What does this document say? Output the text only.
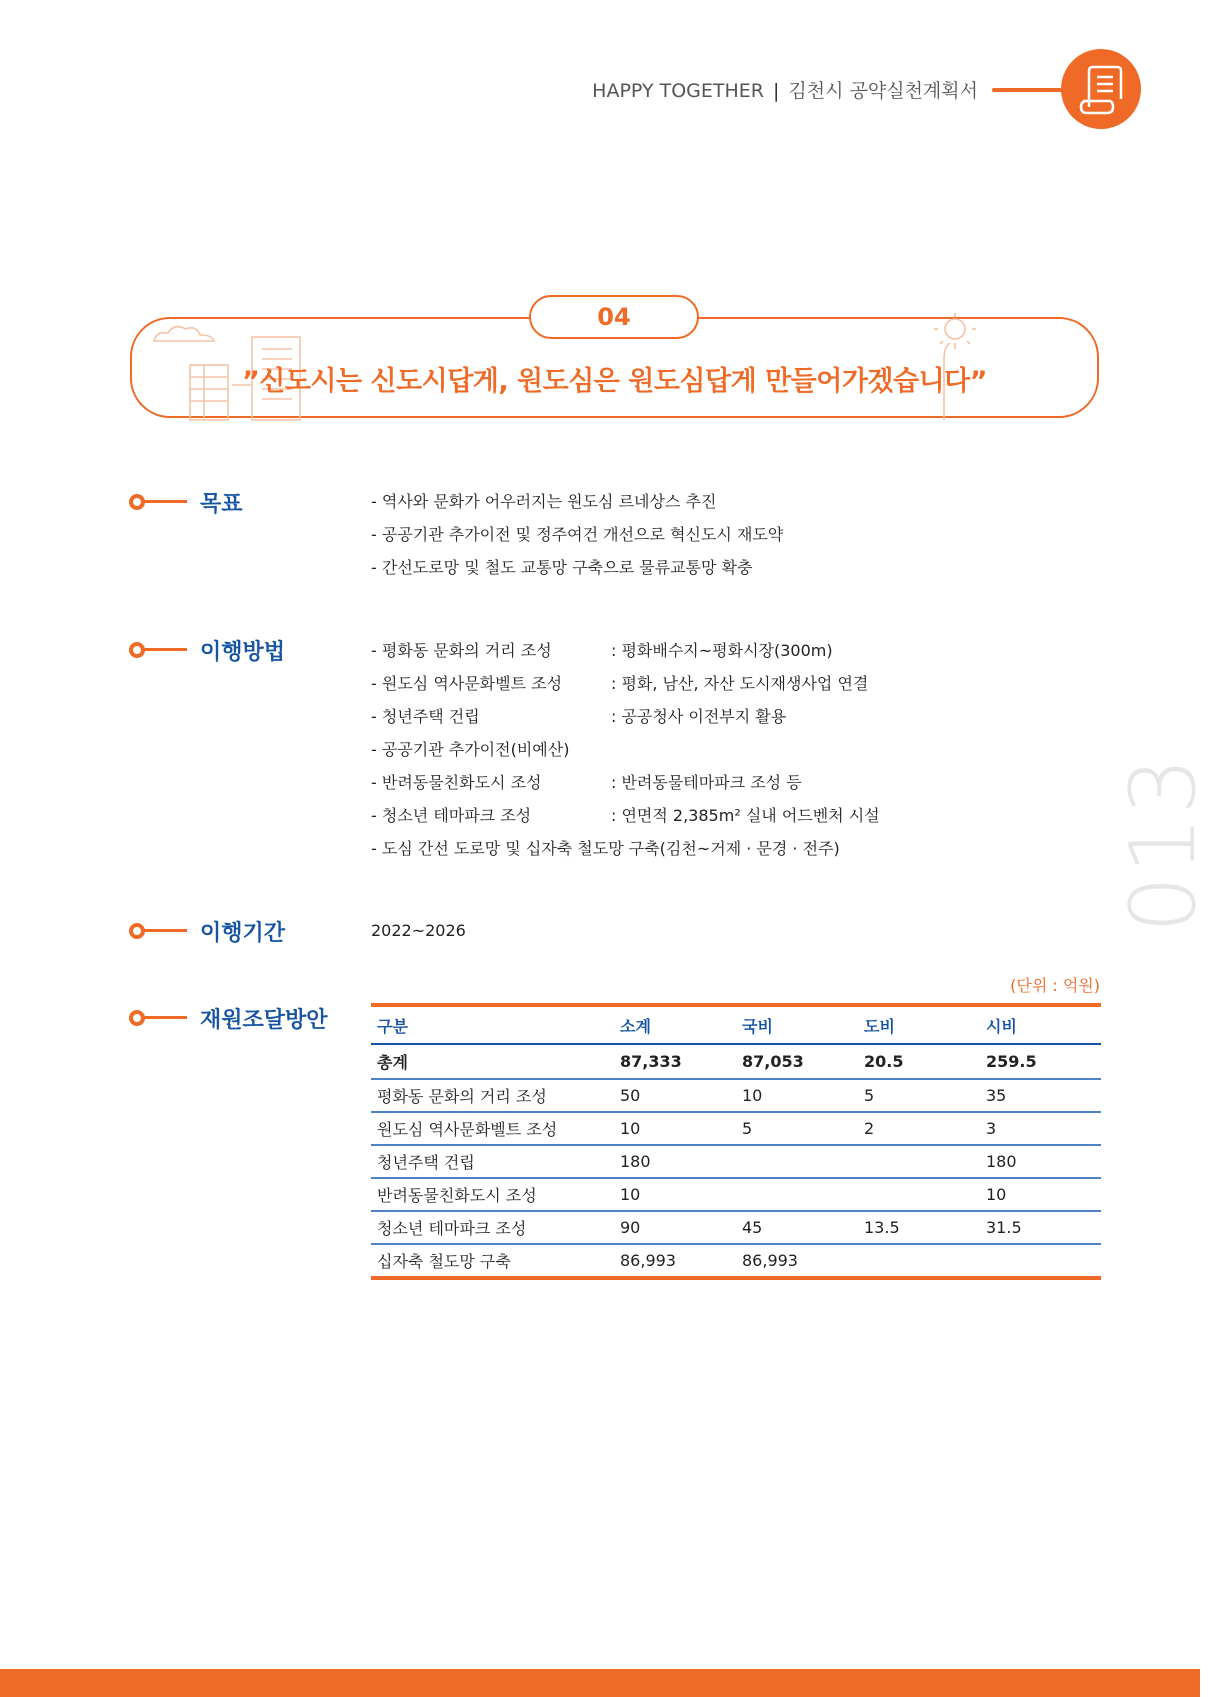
HAPPY TOGETHER | 김천시 공약실천계획서
”신도시는 신도시답게, 원도심은 원도심답게 만들어가겠습니다”
04
목표	- 역사와 문화가 어우러지는 원도심 르네상스 추진
- 공공기관 추가이전 및 정주여건 개선으로 혁신도시 재도약
- 간선도로망 및 철도 교통망 구축으로 물류교통망 확충
이행방법	- 평화동 문화의 거리 조성	: 평화배수지~평화시장(300m)
- 원도심 역사문화벨트 조성	: 평화, 남산, 자산 도시재생사업 연결
- 청년주택 건립	: 공공청사 이전부지 활용
- 공공기관 추가이전(비예산)
- 반려동물친화도시 조성	: 반려동물테마파크 조성 등
- 청소년 테마파크 조성	: 연면적 2,385m² 실내 어드벤처 시설
- 도심 간선 도로망 및 십자축 철도망 구축(김천~거제 · 문경 · 전주)
이행기간	2022~2026
재원조달방안
(단위 : 억원)
구분	소계	국비	도비	시비
총계	87,333	87,053	20.5	259.5
평화동 문화의 거리 조성	50	10	5	35
원도심 역사문화벨트 조성	10	5	2	3
청년주택 건립	180			180
반려동물친화도시 조성	10			10
청소년 테마파크 조성	90	45	13.5	31.5
십자축 철도망 구축	86,993	86,993		
013
